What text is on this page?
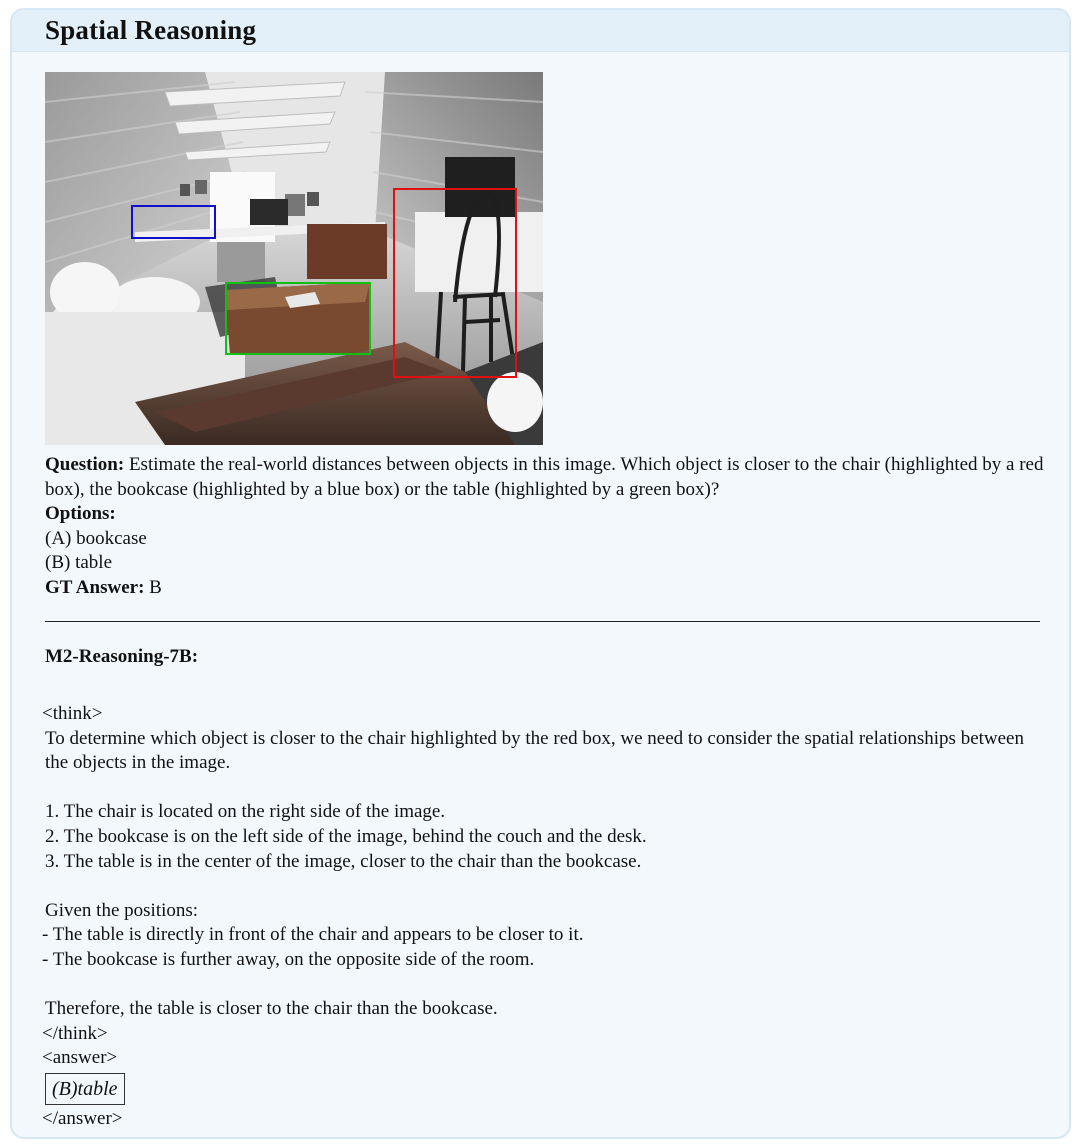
Spatial Reasoning
Question: Estimate the real-world distances between objects in this image. Which object is closer to the chair (highlighted by a red box), the bookcase (highlighted by a blue box) or the table (highlighted by a green box)?
Options:
(A) bookcase
(B) table
GT Answer: B
M2-Reasoning-7B:
<think>
To determine which object is closer to the chair highlighted by the red box, we need to consider the spatial relationships between the objects in the image.
1. The chair is located on the right side of the image.
2. The bookcase is on the left side of the image, behind the couch and the desk.
3. The table is in the center of the image, closer to the chair than the bookcase.
Given the positions:
- The table is directly in front of the chair and appears to be closer to it.
- The bookcase is further away, on the opposite side of the room.
Therefore, the table is closer to the chair than the bookcase.
</think>
<answer>
(B)table
</answer>
